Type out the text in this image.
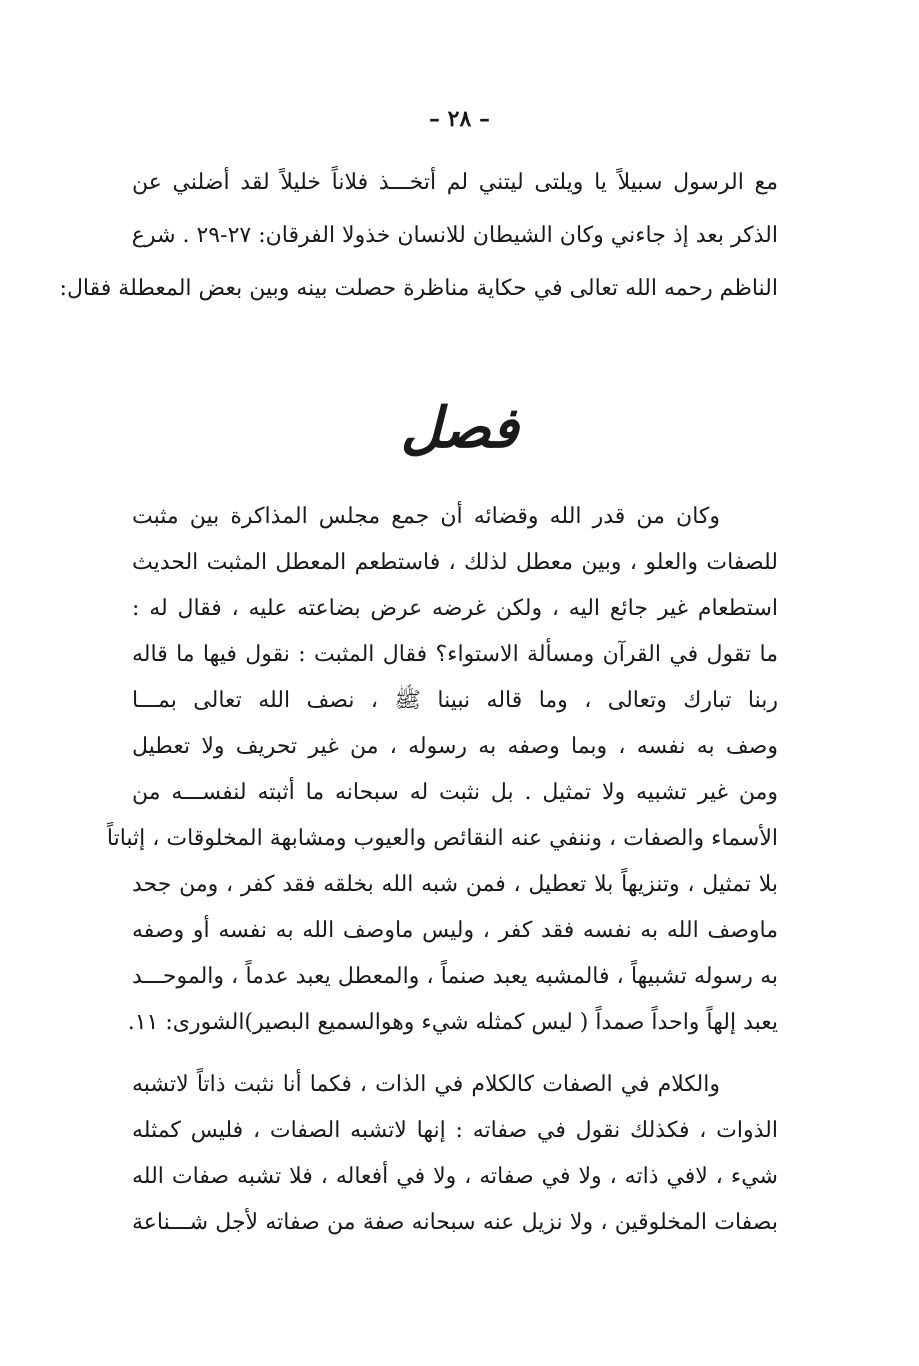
– ٢٨ –
مع الرسول سبيلاً يا ويلتى ليتني لم أتخـــذ فلاناً خليلاً لقد أضلني عن
الذكر بعد إذ جاءني وكان الشيطان للانسان خذولا الفرقان: ٢٧-٢٩ . شرع
الناظم رحمه الله تعالى في حكاية مناظرة حصلت بينه وبين بعض المعطلة فقال:
فصل
وكان من قدر الله وقضائه أن جمع مجلس المذاكرة بين مثبت
للصفات والعلو ، وبين معطل لذلك ، فاستطعم المعطل المثبت الحديث
استطعام غير جائع اليه ، ولكن غرضه عرض بضاعته عليه ، فقال له :
ما تقول في القرآن ومسألة الاستواء؟ فقال المثبت : نقول فيها ما قاله
ربنا تبارك وتعالى ، وما قاله نبينا ﷺ ، نصف الله تعالى بمـــا
وصف به نفسه ، وبما وصفه به رسوله ، من غير تحريف ولا تعطيل
ومن غير تشبيه ولا تمثيل . بل نثبت له سبحانه ما أثبته لنفســـه من
الأسماء والصفات ، وننفي عنه النقائص والعيوب ومشابهة المخلوقات ، إثباتاً
بلا تمثيل ، وتنزيهاً بلا تعطيل ، فمن شبه الله بخلقه فقد كفر ، ومن جحد
ماوصف الله به نفسه فقد كفر ، وليس ماوصف الله به نفسه أو وصفه
به رسوله تشبيهاً ، فالمشبه يعبد صنماً ، والمعطل يعبد عدماً ، والموحـــد
يعبد إلهاً واحداً صمداً ( ليس كمثله شيء وهوالسميع البصير)الشورى: ١١.
والكلام في الصفات كالكلام في الذات ، فكما أنا نثبت ذاتاً لاتشبه
الذوات ، فكذلك نقول في صفاته : إنها لاتشبه الصفات ، فليس كمثله
شيء ، لافي ذاته ، ولا في صفاته ، ولا في أفعاله ، فلا تشبه صفات الله
بصفات المخلوقين ، ولا نزيل عنه سبحانه صفة من صفاته لأجل شـــناعة
